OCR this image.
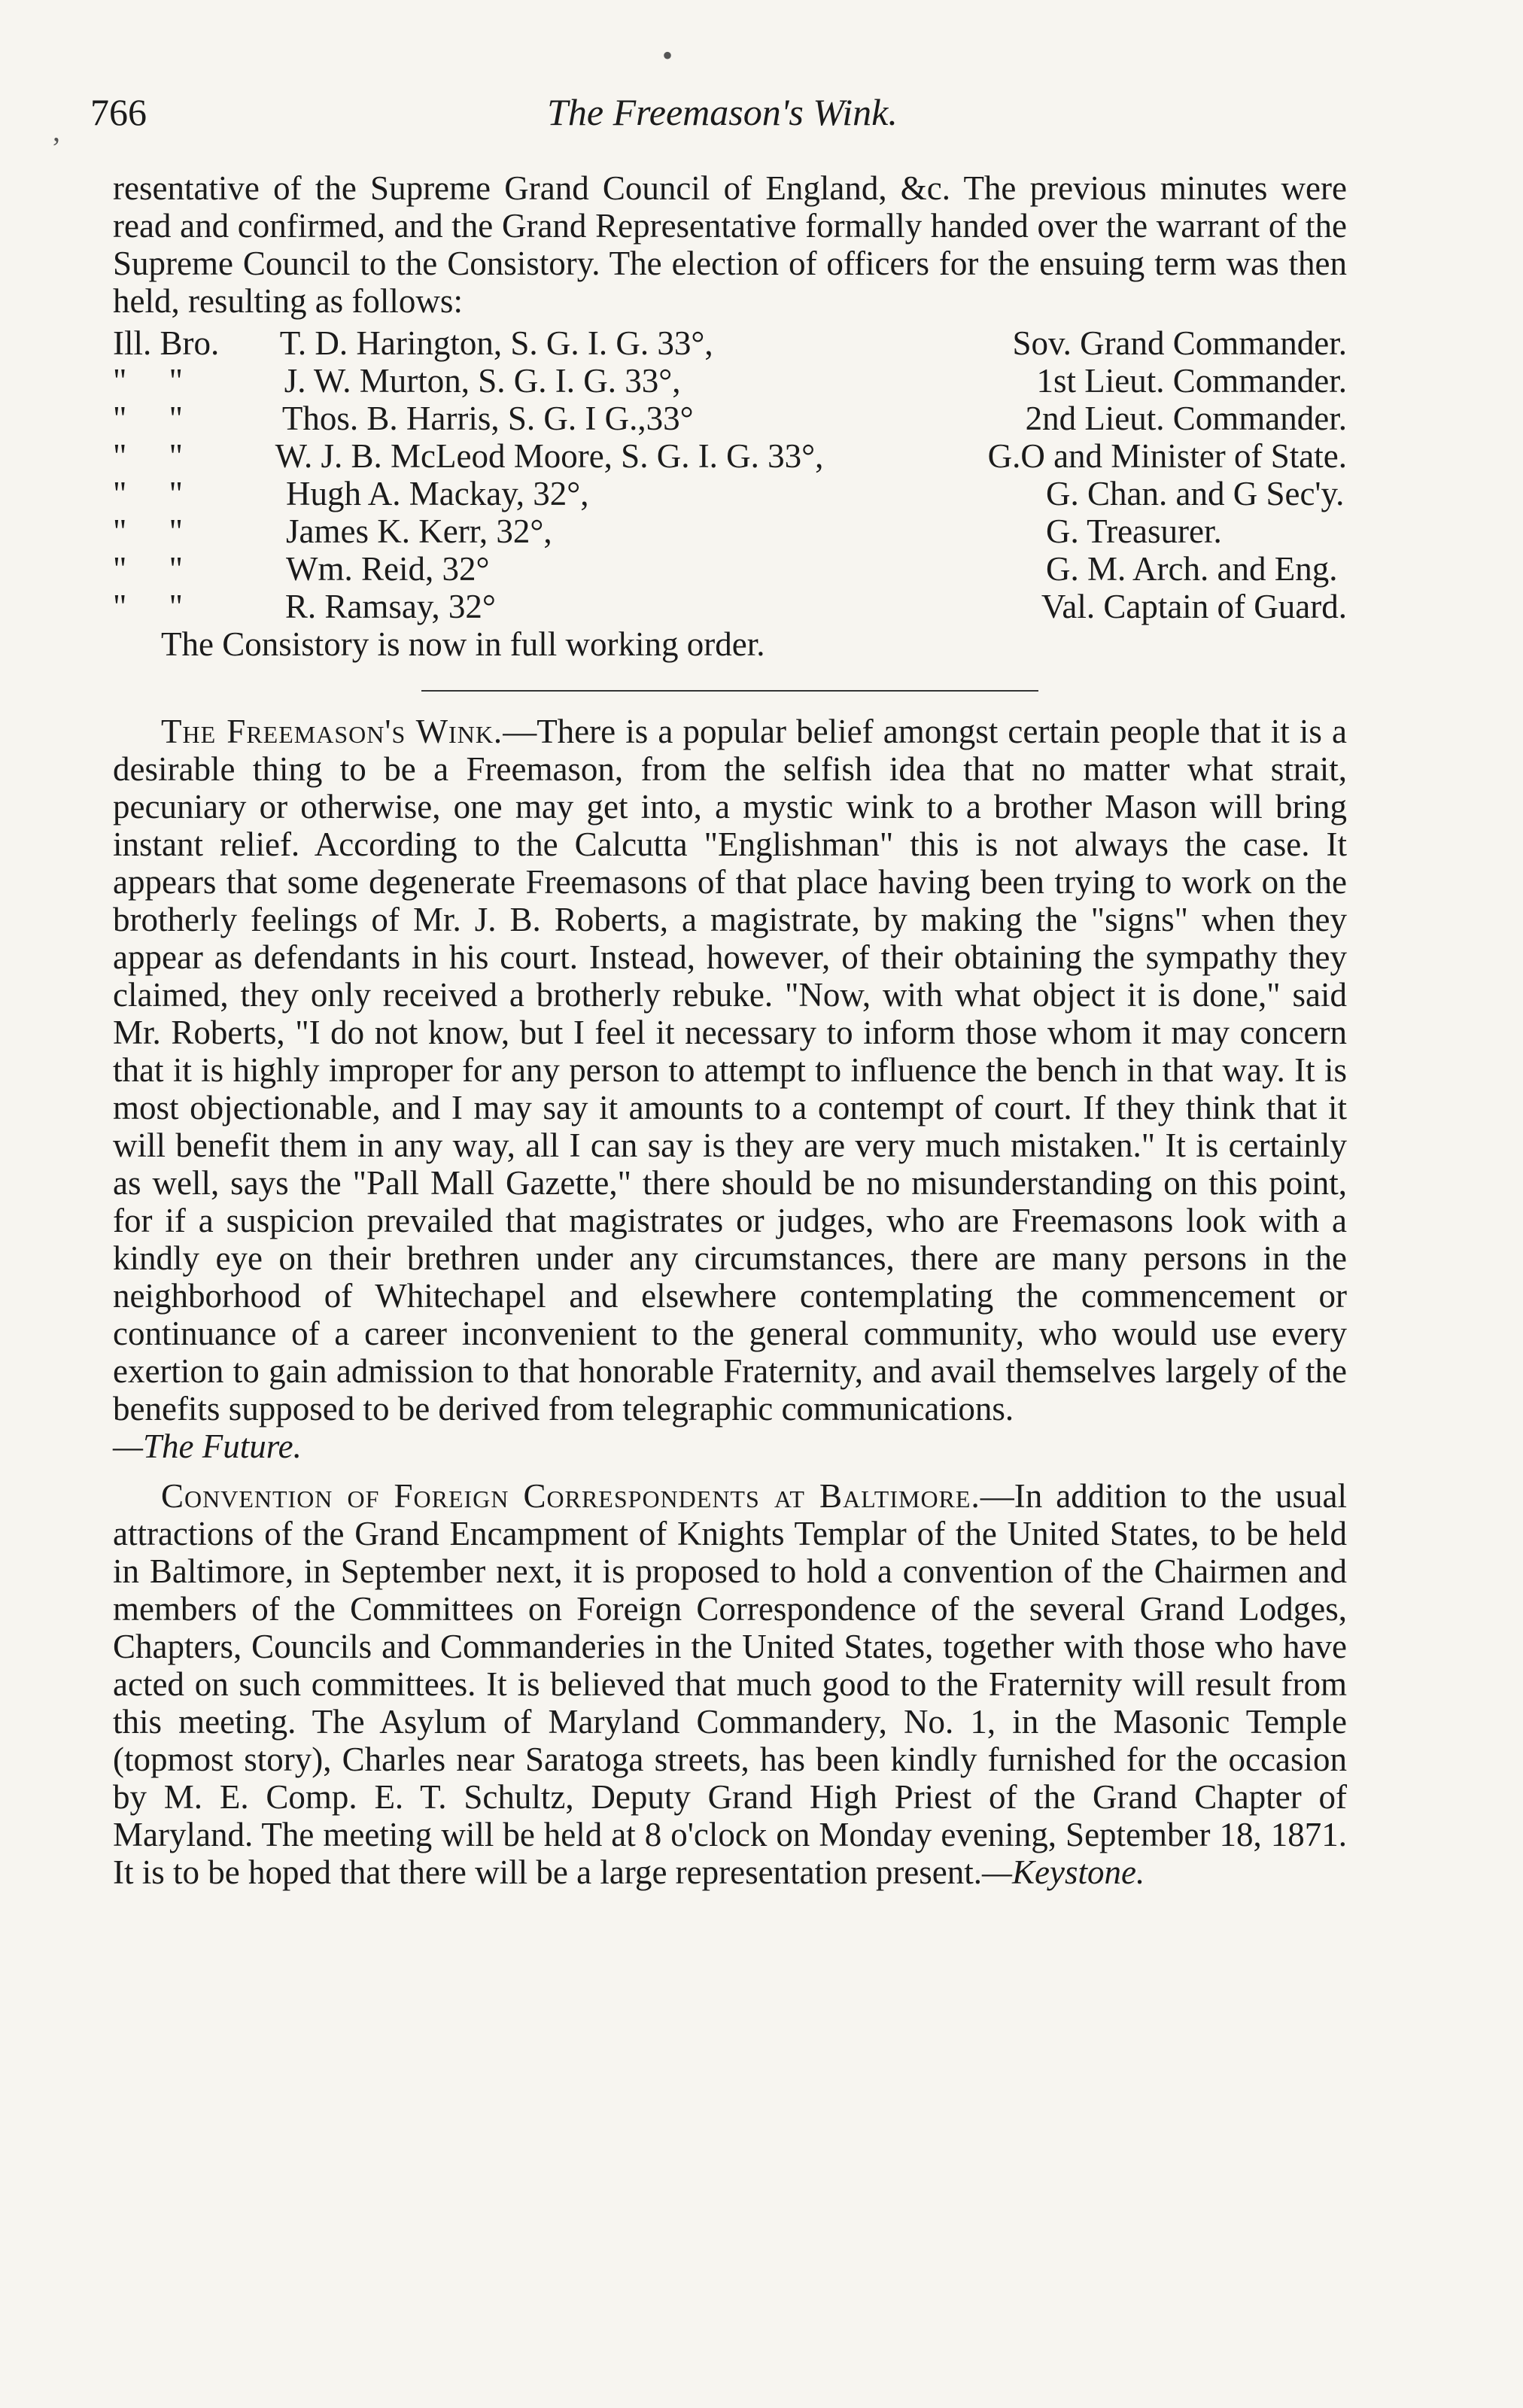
766	The Freemason's Wink.
,
•

resentative of the Supreme Grand Council of England, &c. The previous minutes were read and confirmed, and the Grand Representative formally handed over the warrant of the Supreme Council to the Consistory. The election of officers for the ensuing term was then held, resulting as follows:

Ill. Bro.	T. D. Harington, S. G. I. G. 33°,	Sov. Grand Commander.
"     "	J. W. Murton, S. G. I. G. 33°,	1st Lieut. Commander.
"     "	Thos. B. Harris, S. G. I G.,33°	2nd Lieut. Commander.
"     "	W. J. B. McLeod Moore, S. G. I. G. 33°,	G.O and Minister of State.
"     "	Hugh A. Mackay, 32°,	G. Chan. and G Sec'y.
"     "	James K. Kerr, 32°,	G. Treasurer.
"     "	Wm. Reid, 32°	G. M. Arch. and Eng.
"     "	R. Ramsay, 32°	Val. Captain of Guard.

The Consistory is now in full working order.

The Freemason's Wink.—There is a popular belief amongst certain people that it is a desirable thing to be a Freemason, from the selfish idea that no matter what strait, pecuniary or otherwise, one may get into, a mystic wink to a brother Mason will bring instant relief. According to the Calcutta "Englishman" this is not always the case. It appears that some degenerate Freemasons of that place having been trying to work on the brotherly feelings of Mr. J. B. Roberts, a magistrate, by making the "signs" when they appear as defendants in his court. Instead, however, of their obtaining the sympathy they claimed, they only received a brotherly rebuke. "Now, with what object it is done," said Mr. Roberts, "I do not know, but I feel it necessary to inform those whom it may concern that it is highly improper for any person to attempt to influence the bench in that way. It is most objectionable, and I may say it amounts to a contempt of court. If they think that it will benefit them in any way, all I can say is they are very much mistaken." It is certainly as well, says the "Pall Mall Gazette," there should be no misunderstanding on this point, for if a suspicion prevailed that magistrates or judges, who are Freemasons look with a kindly eye on their brethren under any circumstances, there are many persons in the neighborhood of Whitechapel and elsewhere contemplating the commencement or continuance of a career inconvenient to the general community, who would use every exertion to gain admission to that honorable Fraternity, and avail themselves largely of the benefits supposed to be derived from telegraphic communications.

—The Future.

Convention of Foreign Correspondents at Baltimore.—In addition to the usual attractions of the Grand Encampment of Knights Templar of the United States, to be held in Baltimore, in September next, it is proposed to hold a convention of the Chairmen and members of the Committees on Foreign Correspondence of the several Grand Lodges, Chapters, Councils and Commanderies in the United States, together with those who have acted on such committees. It is believed that much good to the Fraternity will result from this meeting. The Asylum of Maryland Commandery, No. 1, in the Masonic Temple (topmost story), Charles near Saratoga streets, has been kindly furnished for the occasion by M. E. Comp. E. T. Schultz, Deputy Grand High Priest of the Grand Chapter of Maryland. The meeting will be held at 8 o'clock on Monday evening, September 18, 1871. It is to be hoped that there will be a large representation present.—Keystone.
